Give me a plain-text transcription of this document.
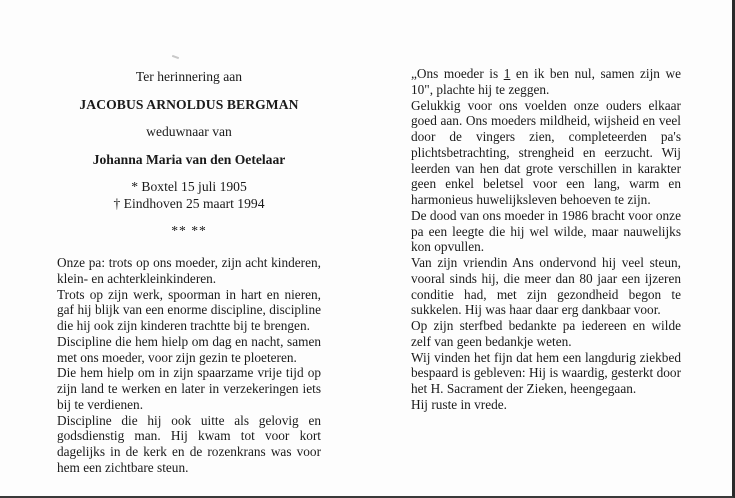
Ter herinnering aan
JACOBUS ARNOLDUS BERGMAN
weduwnaar van
Johanna Maria van den Oetelaar
* Boxtel 15 juli 1905
† Eindhoven 25 maart 1994
** **

Onze pa: trots op ons moeder, zijn acht kinderen, klein- en achterkleinkinderen.

Trots op zijn werk, spoorman in hart en nieren, gaf hij blijk van een enorme discipline, discipline die hij ook zijn kinderen trachtte bij te brengen.

Discipline die hem hielp om dag en nacht, samen met ons moeder, voor zijn gezin te ploeteren.

Die hem hielp om in zijn spaarzame vrije tijd op zijn land te werken en later in verzekeringen iets bij te verdienen.

Discipline die hij ook uitte als gelovig en godsdienstig man. Hij kwam tot voor kort dagelijks in de kerk en de rozenkrans was voor hem een zichtbare steun.

„Ons moeder is 1 en ik ben nul, samen zijn we 10", plachte hij te zeggen.

Gelukkig voor ons voelden onze ouders elkaar goed aan. Ons moeders mildheid, wijsheid en veel door de vingers zien, completeerden pa's plichtsbetrachting, strengheid en eerzucht. Wij leerden van hen dat grote verschillen in karakter geen enkel beletsel voor een lang, warm en harmonieus huwelijksleven behoeven te zijn.

De dood van ons moeder in 1986 bracht voor onze pa een leegte die hij wel wilde, maar nauwelijks kon opvullen.

Van zijn vriendin Ans ondervond hij veel steun, vooral sinds hij, die meer dan 80 jaar een ijzeren conditie had, met zijn gezondheid begon te sukkelen. Hij was haar daar erg dankbaar voor.

Op zijn sterfbed bedankte pa iedereen en wilde zelf van geen bedankje weten.

Wij vinden het fijn dat hem een langdurig ziekbed bespaard is gebleven: Hij is waardig, gesterkt door het H. Sacrament der Zieken, heengegaan.

Hij ruste in vrede.
